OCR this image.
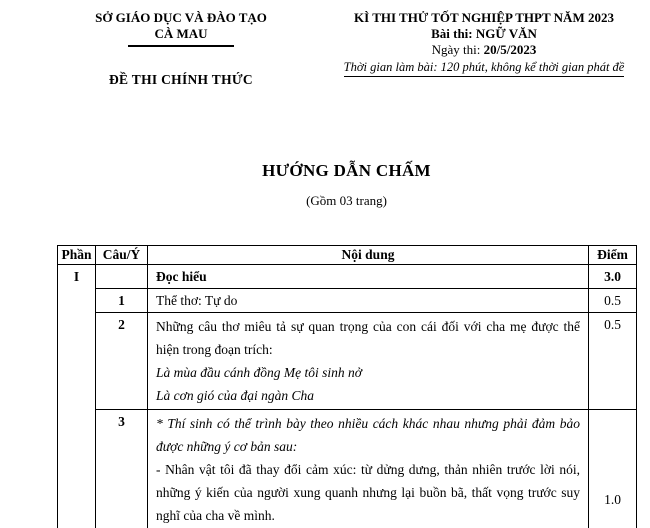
SỞ GIÁO DỤC VÀ ĐÀO TẠO
CÀ MAU
ĐỀ THI CHÍNH THỨC
KÌ THI THỬ TỐT NGHIỆP THPT NĂM 2023
Bài thi: NGỮ VĂN
Ngày thi: 20/5/2023
Thời gian làm bài: 120 phút, không kể thời gian phát đề
HƯỚNG DẪN CHẤM
(Gồm 03 trang)
Phần	Câu/Ý	Nội dung	Điểm
I		Đọc hiểu	3.0
	1	Thể thơ: Tự do	0.5
	2	Những câu thơ miêu tả sự quan trọng của con cái đối với cha mẹ được thể hiện trong đoạn trích:

Là mùa đầu cánh đồng Mẹ tôi sinh nở

Là cơn gió của đại ngàn Cha	0.5
	3	* Thí sinh có thể trình bày theo nhiều cách khác nhau nhưng phải đảm bảo được những ý cơ bản sau:

- Nhân vật tôi đã thay đổi cảm xúc: từ dửng dưng, thản nhiên trước lời nói, những ý kiến của người xung quanh nhưng lại buồn bã, thất vọng trước suy nghĩ của cha về mình.	1.0
